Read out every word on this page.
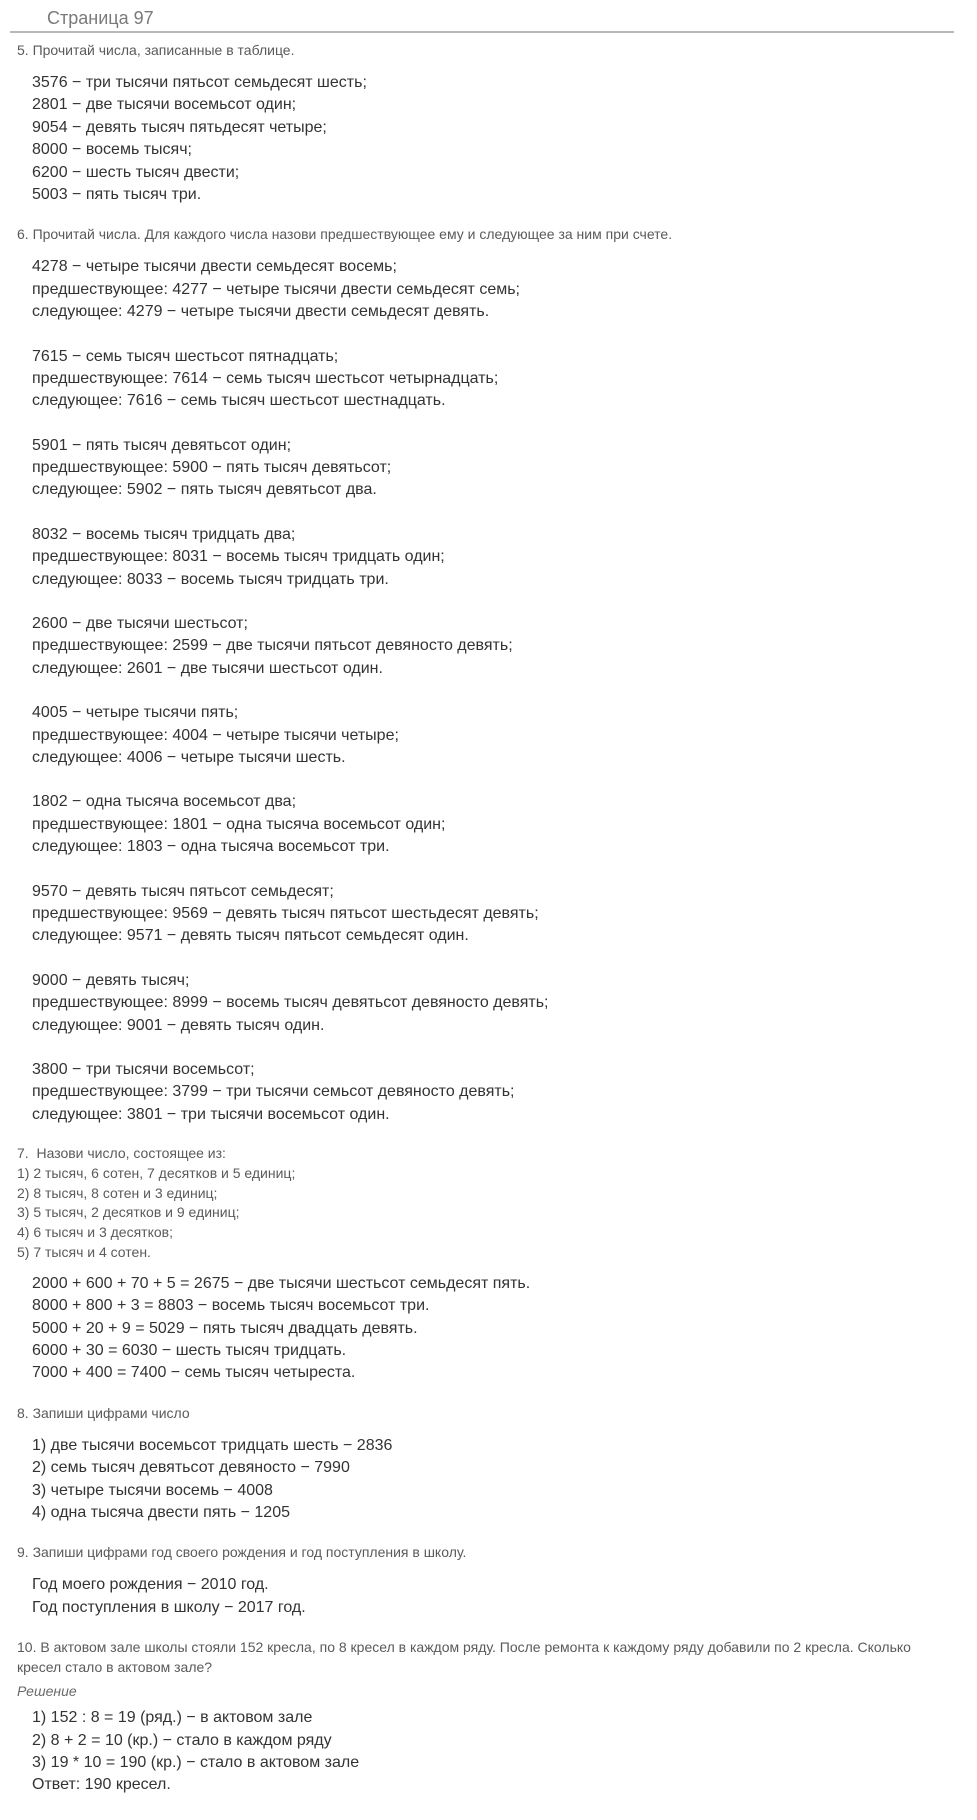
Страница 97
5. Прочитай числа, записанные в таблице.
3576 − три тысячи пятьсот семьдесят шесть;
2801 − две тысячи восемьсот один;
9054 − девять тысяч пятьдесят четыре;
8000 − восемь тысяч;
6200 − шесть тысяч двести;
5003 − пять тысяч три.
6. Прочитай числа. Для каждого числа назови предшествующее ему и следующее за ним при счете.
4278 − четыре тысячи двести семьдесят восемь;
предшествующее: 4277 − четыре тысячи двести семьдесят семь;
следующее: 4279 − четыре тысячи двести семьдесят девять.
7615 − семь тысяч шестьсот пятнадцать;
предшествующее: 7614 − семь тысяч шестьсот четырнадцать;
следующее: 7616 − семь тысяч шестьсот шестнадцать.
5901 − пять тысяч девятьсот один;
предшествующее: 5900 − пять тысяч девятьсот;
следующее: 5902 − пять тысяч девятьсот два.
8032 − восемь тысяч тридцать два;
предшествующее: 8031 − восемь тысяч тридцать один;
следующее: 8033 − восемь тысяч тридцать три.
2600 − две тысячи шестьсот;
предшествующее: 2599 − две тысячи пятьсот девяносто девять;
следующее: 2601 − две тысячи шестьсот один.
4005 − четыре тысячи пять;
предшествующее: 4004 − четыре тысячи четыре;
следующее: 4006 − четыре тысячи шесть.
1802 − одна тысяча восемьсот два;
предшествующее: 1801 − одна тысяча восемьсот один;
следующее: 1803 − одна тысяча восемьсот три.
9570 − девять тысяч пятьсот семьдесят;
предшествующее: 9569 − девять тысяч пятьсот шестьдесят девять;
следующее: 9571 − девять тысяч пятьсот семьдесят один.
9000 − девять тысяч;
предшествующее: 8999 − восемь тысяч девятьсот девяносто девять;
следующее: 9001 − девять тысяч один.
3800 − три тысячи восемьсот;
предшествующее: 3799 − три тысячи семьсот девяносто девять;
следующее: 3801 − три тысячи восемьсот один.
7.  Назови число, состоящее из:
1) 2 тысяч, 6 сотен, 7 десятков и 5 единиц;
2) 8 тысяч, 8 сотен и 3 единиц;
3) 5 тысяч, 2 десятков и 9 единиц;
4) 6 тысяч и 3 десятков;
5) 7 тысяч и 4 сотен.
2000 + 600 + 70 + 5 = 2675 − две тысячи шестьсот семьдесят пять.
8000 + 800 + 3 = 8803 − восемь тысяч восемьсот три.
5000 + 20 + 9 = 5029 − пять тысяч двадцать девять.
6000 + 30 = 6030 − шесть тысяч тридцать.
7000 + 400 = 7400 − семь тысяч четыреста.
8. Запиши цифрами число
1) две тысячи восемьсот тридцать шесть − 2836
2) семь тысяч девятьсот девяносто − 7990
3) четыре тысячи восемь − 4008
4) одна тысяча двести пять − 1205
9. Запиши цифрами год своего рождения и год поступления в школу.
Год моего рождения − 2010 год.
Год поступления в школу − 2017 год.
10. В актовом зале школы стояли 152 кресла, по 8 кресел в каждом ряду. После ремонта к каждому ряду добавили по 2 кресла. Сколько кресел стало в актовом зале?
Решение
1) 152 : 8 = 19 (ряд.) − в актовом зале
2) 8 + 2 = 10 (кр.) − стало в каждом ряду
3) 19 * 10 = 190 (кр.) − стало в актовом зале
Ответ: 190 кресел.
